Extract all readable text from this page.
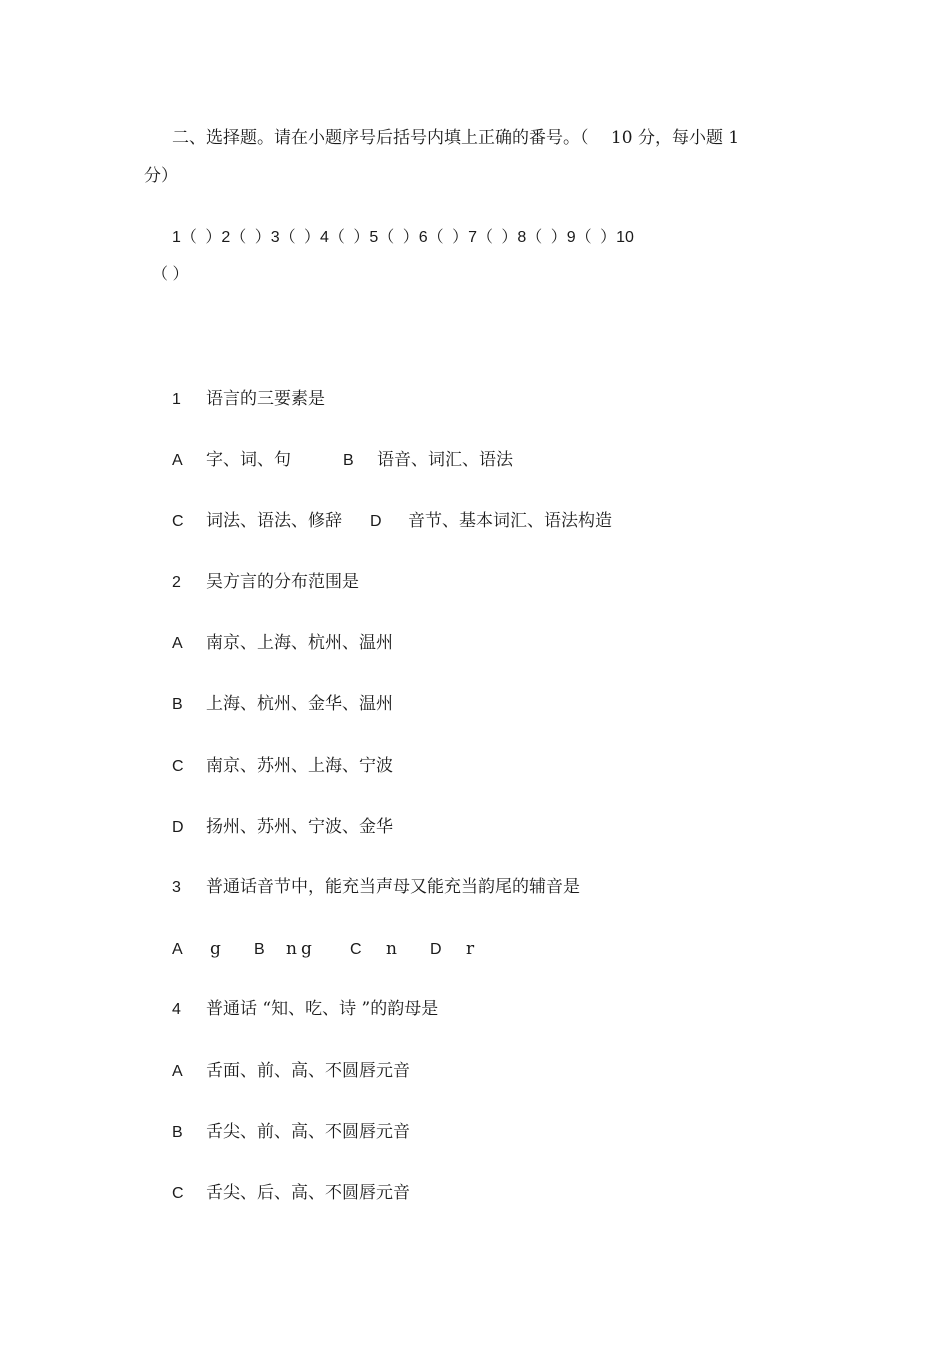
二、选择题。请在小题序号后括号内填上正确的番号。（　 10 分，每小题 1
分）
1（ ）2（ ）3（ ）4（ ）5（ ）6（ ）7（ ）8（ ）9（ ）10
（ ）
1 语言的三要素是
A 字、词、句	B 语音、词汇、语法
C 词法、语法、修辞 D 音节、基本词汇、语法构造
2 吴方言的分布范围是
A 南京、上海、杭州、温州
B 上海、杭州、金华、温州
C 南京、苏州、上海、宁波
D 扬州、苏州、宁波、金华
3 普通话音节中，能充当声母又能充当韵尾的辅音是
A g B ng C n D r
4 普通话 “知、吃、诗 ”的韵母是
A 舌面、前、高、不圆唇元音
B 舌尖、前、高、不圆唇元音
C 舌尖、后、高、不圆唇元音
